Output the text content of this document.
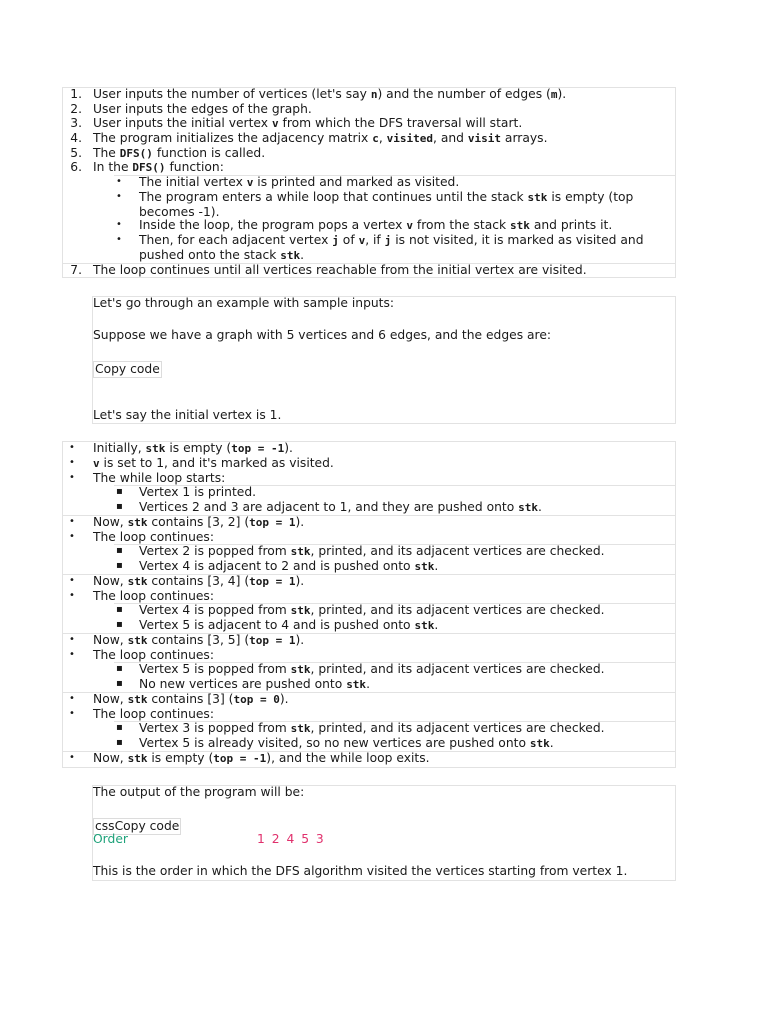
1. User inputs the number of vertices (let's say n) and the number of edges (m).
2. User inputs the edges of the graph.
3. User inputs the initial vertex v from which the DFS traversal will start.
4. The program initializes the adjacency matrix c, visited, and visit arrays.
5. The DFS() function is called.
6. In the DFS() function:
7. The loop continues until all vertices reachable from the initial vertex are visited.
• The initial vertex v is printed and marked as visited.
• The program enters a while loop that continues until the stack stk is empty (top
becomes -1).
• Inside the loop, the program pops a vertex v from the stack stk and prints it.
• Then, for each adjacent vertex j of v, if j is not visited, it is marked as visited and
pushed onto the stack stk.
Let's go through an example with sample inputs:
Suppose we have a graph with 5 vertices and 6 edges, and the edges are:
Copy code
Let's say the initial vertex is 1.
• Initially, stk is empty (top = -1).
• v is set to 1, and it's marked as visited.
• The while loop starts:
▪ Vertex 1 is printed.
▪ Vertices 2 and 3 are adjacent to 1, and they are pushed onto stk.
• Now, stk contains [3, 2] (top = 1).
• The loop continues:
▪ Vertex 2 is popped from stk, printed, and its adjacent vertices are checked.
▪ Vertex 4 is adjacent to 2 and is pushed onto stk.
• Now, stk contains [3, 4] (top = 1).
• The loop continues:
▪ Vertex 4 is popped from stk, printed, and its adjacent vertices are checked.
▪ Vertex 5 is adjacent to 4 and is pushed onto stk.
• Now, stk contains [3, 5] (top = 1).
• The loop continues:
▪ Vertex 5 is popped from stk, printed, and its adjacent vertices are checked.
▪ No new vertices are pushed onto stk.
• Now, stk contains [3] (top = 0).
• The loop continues:
▪ Vertex 3 is popped from stk, printed, and its adjacent vertices are checked.
▪ Vertex 5 is already visited, so no new vertices are pushed onto stk.
• Now, stk is empty (top = -1), and the while loop exits.
The output of the program will be:
cssCopy code
Order	1 2 4 5 3
This is the order in which the DFS algorithm visited the vertices starting from vertex 1.
